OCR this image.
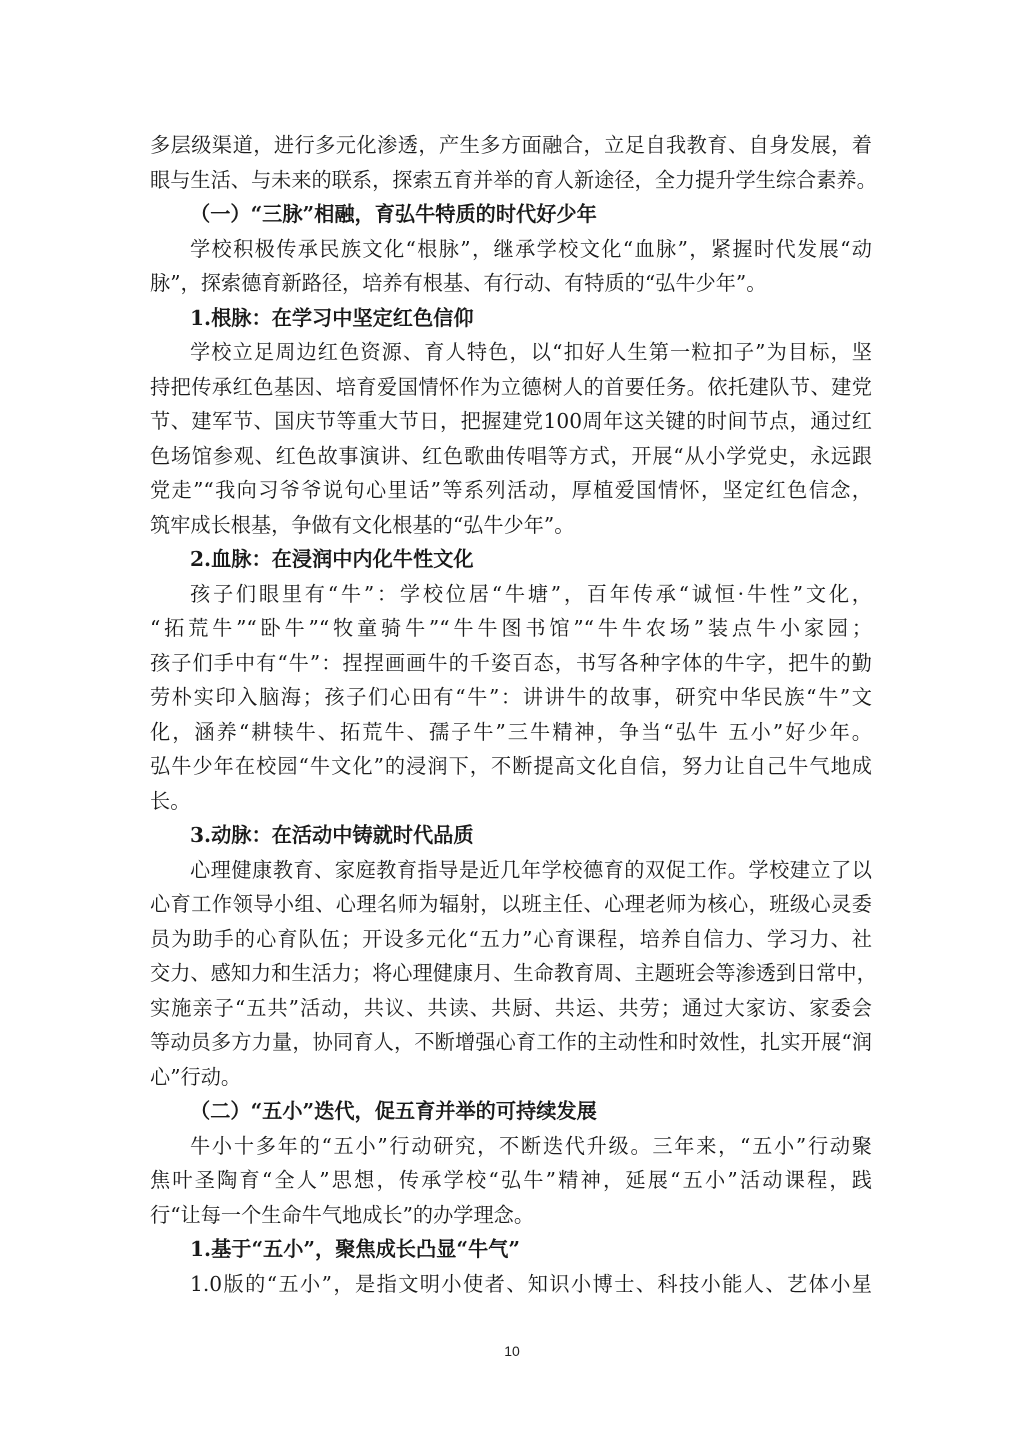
多层级渠道，进行多元化渗透，产生多方面融合，立足自我教育、自身发展，着
眼与生活、与未来的联系，探索五育并举的育人新途径，全力提升学生综合素养。
（一）“三脉”相融，育弘牛特质的时代好少年
学校积极传承民族文化“根脉”，继承学校文化“血脉”，紧握时代发展“动
脉”，探索德育新路径，培养有根基、有行动、有特质的“弘牛少年”。
1.根脉：在学习中坚定红色信仰
学校立足周边红色资源、育人特色，以“扣好人生第一粒扣子”为目标，坚
持把传承红色基因、培育爱国情怀作为立德树人的首要任务。依托建队节、建党
节、建军节、国庆节等重大节日，把握建党100周年这关键的时间节点，通过红
色场馆参观、红色故事演讲、红色歌曲传唱等方式，开展“从小学党史，永远跟
党走”“我向习爷爷说句心里话”等系列活动，厚植爱国情怀，坚定红色信念，
筑牢成长根基，争做有文化根基的“弘牛少年”。
2.血脉：在浸润中内化牛性文化
孩子们眼里有“牛”：学校位居“牛塘”，百年传承“诚恒·牛性”文化，
“拓荒牛”“卧牛”“牧童骑牛”“牛牛图书馆”“牛牛农场”装点牛小家园；
孩子们手中有“牛”：捏捏画画牛的千姿百态，书写各种字体的牛字，把牛的勤
劳朴实印入脑海；孩子们心田有“牛”：讲讲牛的故事，研究中华民族“牛”文
化，涵养“耕犊牛、拓荒牛、孺子牛”三牛精神，争当“弘牛 五小”好少年。
弘牛少年在校园“牛文化”的浸润下，不断提高文化自信，努力让自己牛气地成
长。
3.动脉：在活动中铸就时代品质
心理健康教育、家庭教育指导是近几年学校德育的双促工作。学校建立了以
心育工作领导小组、心理名师为辐射，以班主任、心理老师为核心，班级心灵委
员为助手的心育队伍；开设多元化“五力”心育课程，培养自信力、学习力、社
交力、感知力和生活力；将心理健康月、生命教育周、主题班会等渗透到日常中，
实施亲子“五共”活动，共议、共读、共厨、共运、共劳；通过大家访、家委会
等动员多方力量，协同育人，不断增强心育工作的主动性和时效性，扎实开展“润
心”行动。
（二）“五小”迭代，促五育并举的可持续发展
牛小十多年的“五小”行动研究，不断迭代升级。三年来，“五小”行动聚
焦叶圣陶育“全人”思想，传承学校“弘牛”精神，延展“五小”活动课程，践
行“让每一个生命牛气地成长”的办学理念。
1.基于“五小”，聚焦成长凸显“牛气”
1.0版的“五小”，是指文明小使者、知识小博士、科技小能人、艺体小星
10
